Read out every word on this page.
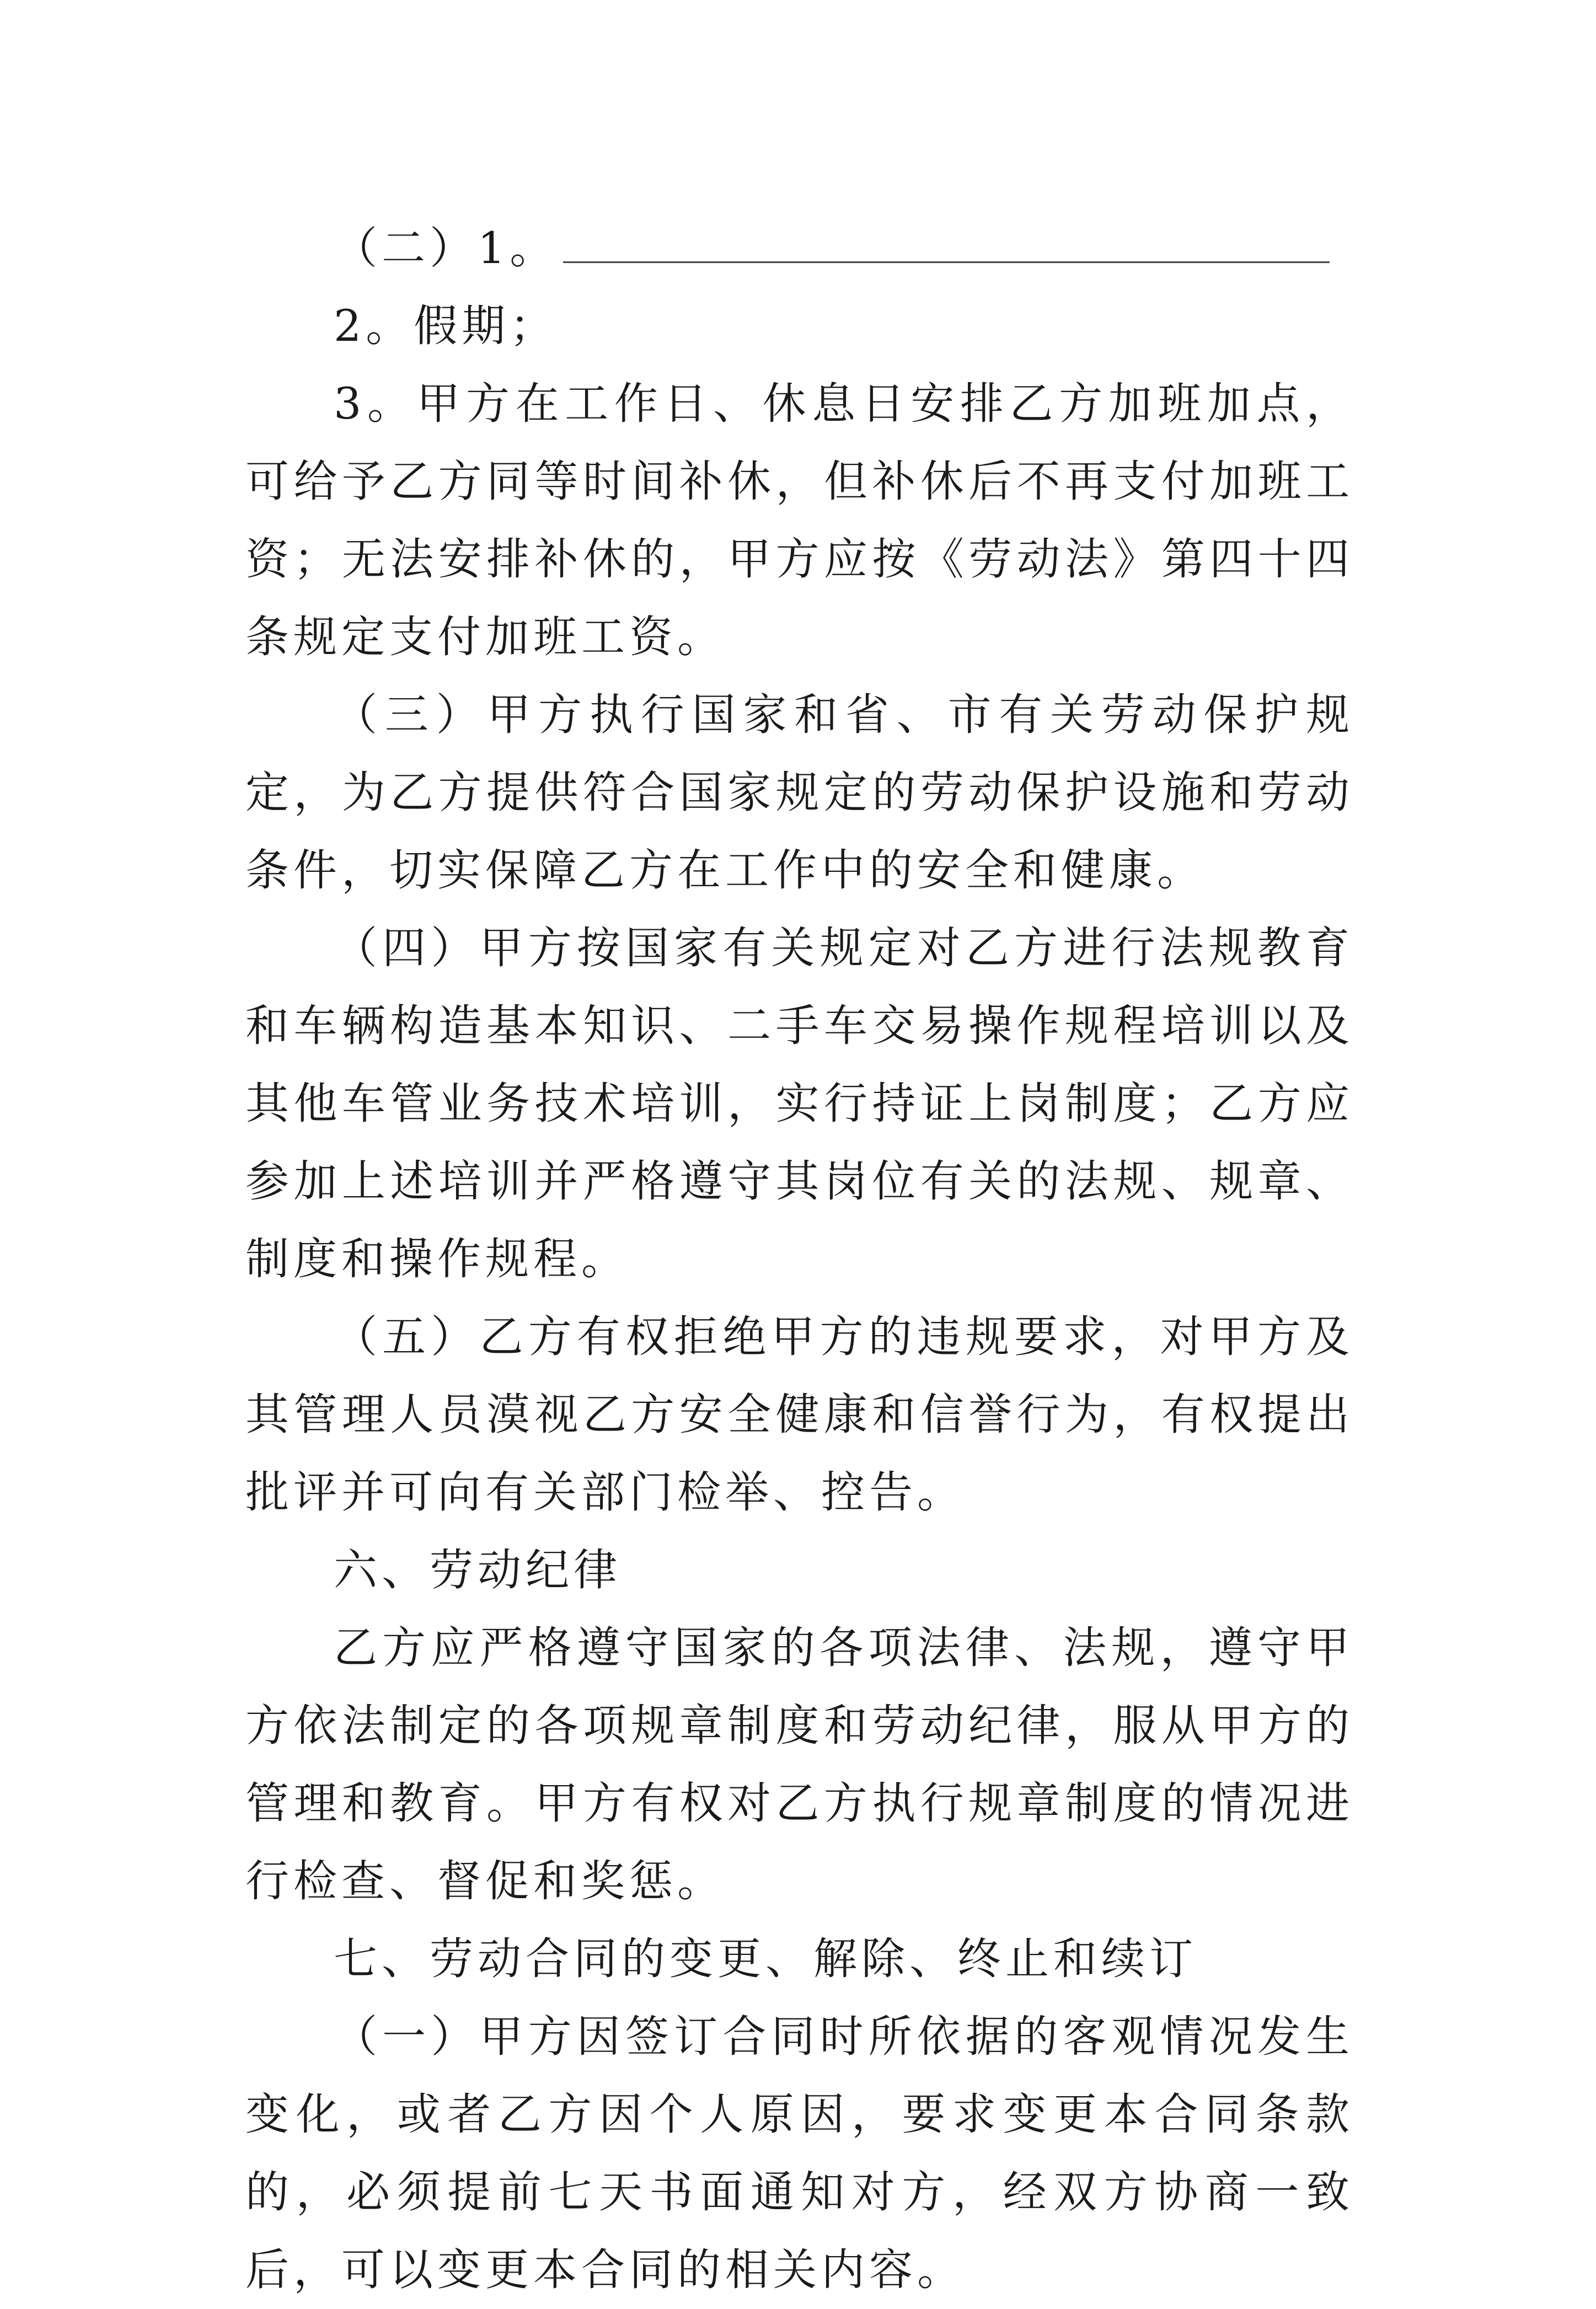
（二）1。

2。假期；

3。甲方在工作日、休息日安排乙方加班加点，可给予乙方同等时间补休，但补休后不再支付加班工资；无法安排补休的，甲方应按《劳动法》第四十四条规定支付加班工资。

（三）甲方执行国家和省、市有关劳动保护规定，为乙方提供符合国家规定的劳动保护设施和劳动条件，切实保障乙方在工作中的安全和健康。

（四）甲方按国家有关规定对乙方进行法规教育和车辆构造基本知识、二手车交易操作规程培训以及其他车管业务技术培训，实行持证上岗制度；乙方应参加上述培训并严格遵守其岗位有关的法规、规章、制度和操作规程。

（五）乙方有权拒绝甲方的违规要求，对甲方及其管理人员漠视乙方安全健康和信誉行为，有权提出批评并可向有关部门检举、控告。

六、劳动纪律

乙方应严格遵守国家的各项法律、法规，遵守甲方依法制定的各项规章制度和劳动纪律，服从甲方的管理和教育。甲方有权对乙方执行规章制度的情况进行检查、督促和奖惩。

七、劳动合同的变更、解除、终止和续订

（一）甲方因签订合同时所依据的客观情况发生变化，或者乙方因个人原因，要求变更本合同条款的，必须提前七天书面通知对方，经双方协商一致后，可以变更本合同的相关内容。
